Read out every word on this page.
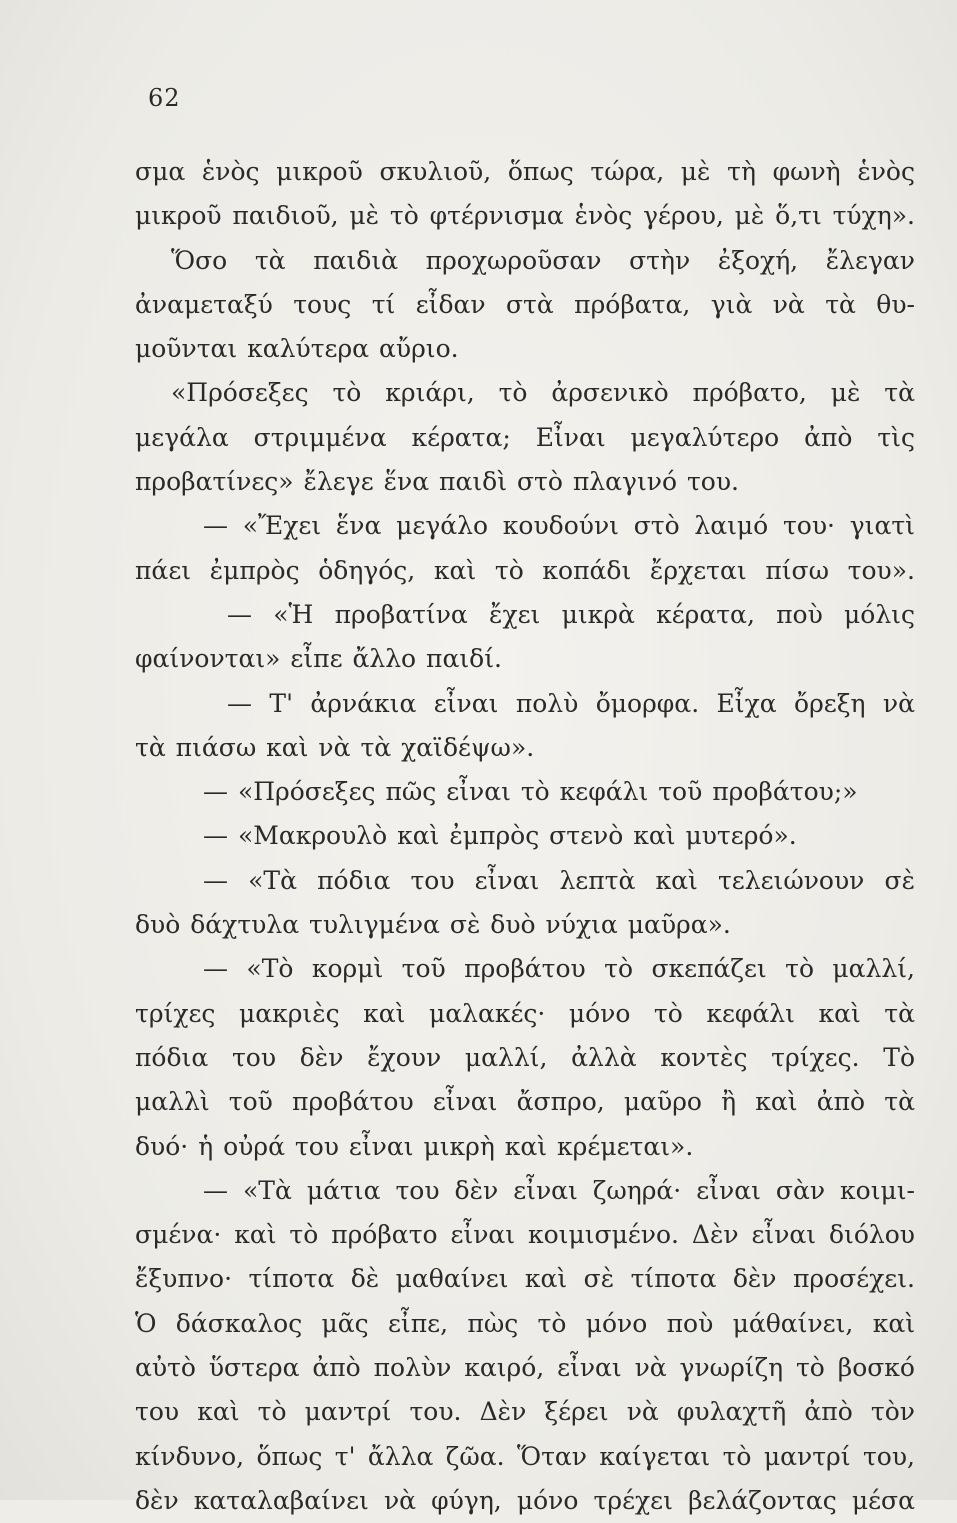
62
σμα ἑνὸς μικροῦ σκυλιοῦ, ὅπως τώρα, μὲ τὴ φωνὴ ἑνὸς
μικροῦ παιδιοῦ, μὲ τὸ φτέρνισμα ἑνὸς γέρου, μὲ ὅ,τι τύχη».
Ὅσο τὰ παιδιὰ προχωροῦσαν στὴν ἐξοχή, ἔλεγαν
ἀναμεταξύ τους τί εἶδαν στὰ πρόβατα, γιὰ νὰ τὰ θυ-
μοῦνται καλύτερα αὔριο.
«Πρόσεξες τὸ κριάρι, τὸ ἀρσενικὸ πρόβατο, μὲ τὰ
μεγάλα στριμμένα κέρατα; Εἶναι μεγαλύτερο ἀπὸ τὶς
προβατίνες» ἔλεγε ἕνα παιδὶ στὸ πλαγινό του.
— «Ἔχει ἕνα μεγάλο κουδούνι στὸ λαιμό του· γιατὶ
πάει ἐμπρὸς ὁδηγός, καὶ τὸ κοπάδι ἔρχεται πίσω του».
— «Ἡ προβατίνα ἔχει μικρὰ κέρατα, ποὺ μόλις
φαίνονται» εἶπε ἄλλο παιδί.
— Τ' ἀρνάκια εἶναι πολὺ ὄμορφα. Εἶχα ὄρεξη νὰ
τὰ πιάσω καὶ νὰ τὰ χαϊδέψω».
— «Πρόσεξες πῶς εἶναι τὸ κεφάλι τοῦ προβάτου;»
— «Μακρουλὸ καὶ ἐμπρὸς στενὸ καὶ μυτερό».
— «Τὰ πόδια του εἶναι λεπτὰ καὶ τελειώνουν σὲ
δυὸ δάχτυλα τυλιγμένα σὲ δυὸ νύχια μαῦρα».
— «Τὸ κορμὶ τοῦ προβάτου τὸ σκεπάζει τὸ μαλλί,
τρίχες μακριὲς καὶ μαλακές· μόνο τὸ κεφάλι καὶ τὰ
πόδια του δὲν ἔχουν μαλλί, ἀλλὰ κοντὲς τρίχες. Τὸ
μαλλὶ τοῦ προβάτου εἶναι ἄσπρο, μαῦρο ἢ καὶ ἀπὸ τὰ
δυό· ἡ οὐρά του εἶναι μικρὴ καὶ κρέμεται».
— «Τὰ μάτια του δὲν εἶναι ζωηρά· εἶναι σὰν κοιμι-
σμένα· καὶ τὸ πρόβατο εἶναι κοιμισμένο. Δὲν εἶναι διόλου
ἔξυπνο· τίποτα δὲ μαθαίνει καὶ σὲ τίποτα δὲν προσέχει.
Ὁ δάσκαλος μᾶς εἶπε, πὼς τὸ μόνο ποὺ μάθαίνει, καὶ
αὐτὸ ὕστερα ἀπὸ πολὺν καιρό, εἶναι νὰ γνωρίζη τὸ βοσκό
του καὶ τὸ μαντρί του. Δὲν ξέρει νὰ φυλαχτῆ ἀπὸ τὸν
κίνδυνο, ὅπως τ' ἄλλα ζῶα. Ὅταν καίγεται τὸ μαντρί του,
δὲν καταλαβαίνει νὰ φύγη, μόνο τρέχει βελάζοντας μέσα
